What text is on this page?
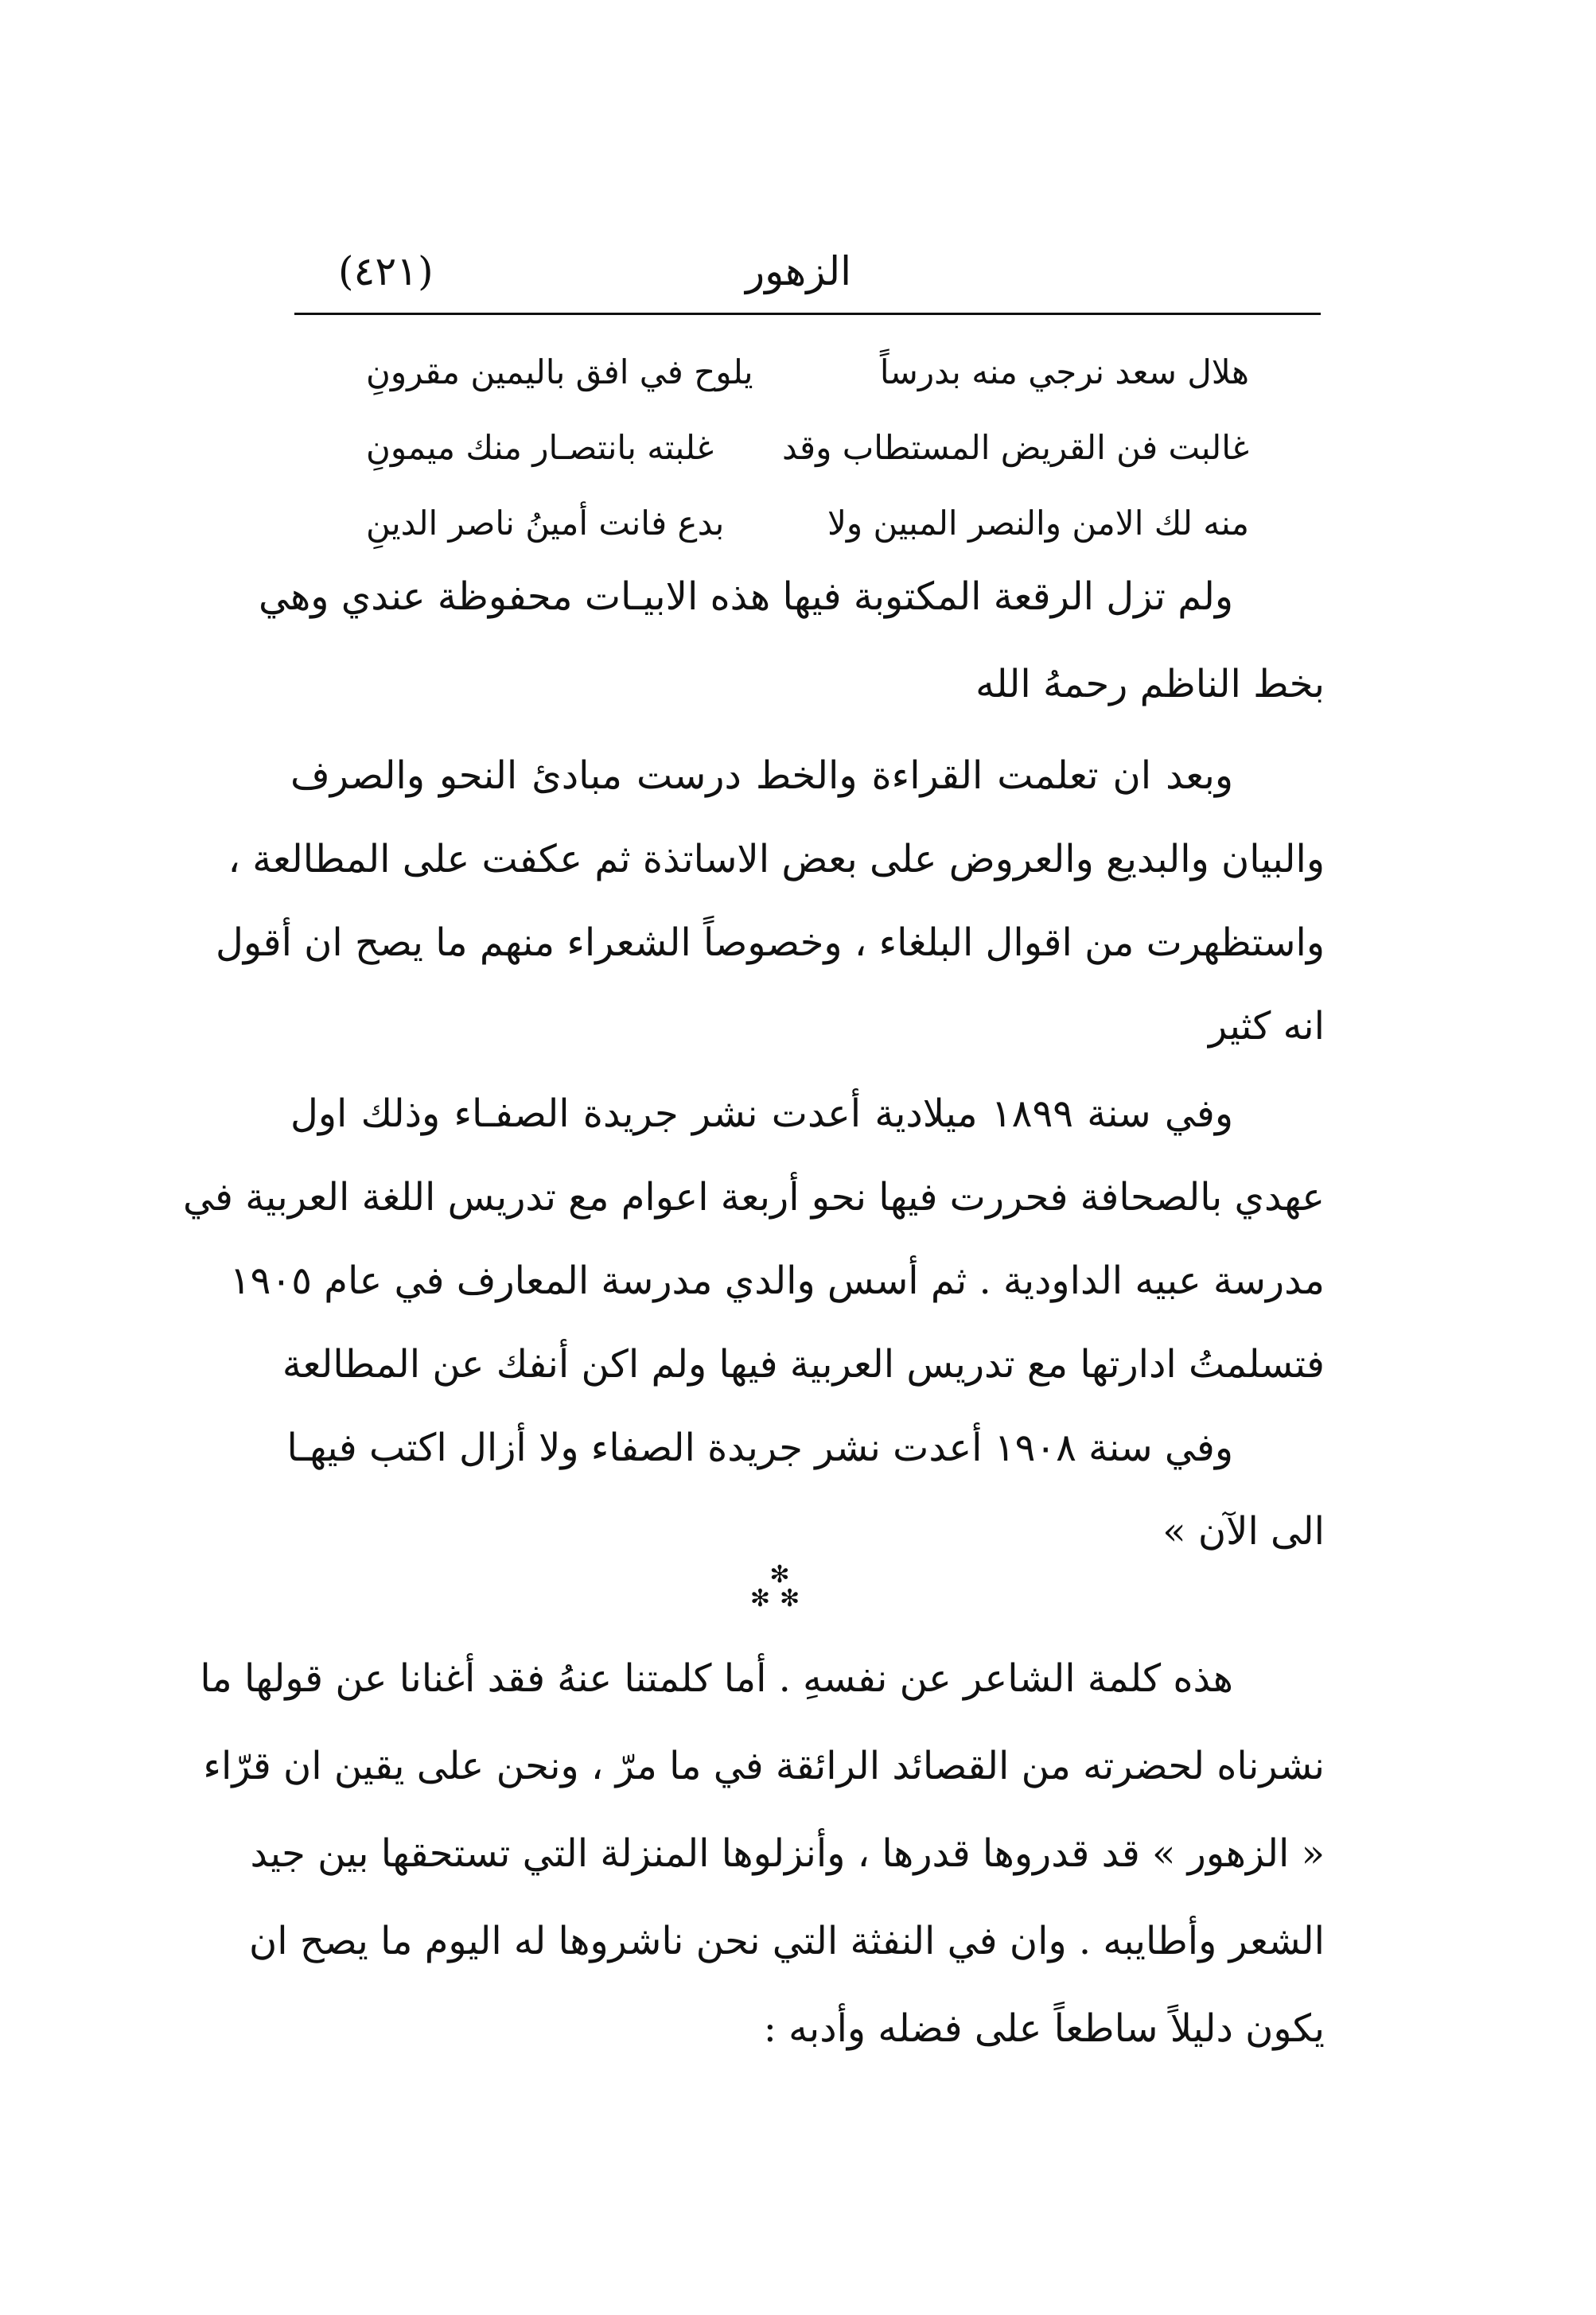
الزهور
(٤٢١)
هلال سعد نرجي منه بدرساً
يلوح في افق باليمين مقرونِ
غالبت فن القريض المستطاب وقد
غلبته بانتصـار منك ميمونِ
منه لك الامن والنصر المبين ولا
بدع فانت أمينُ ناصر الدينِ
ولم تزل الرقعة المكتوبة فيها هذه الابيـات محفوظة عندي وهي
بخط الناظم رحمهُ الله
وبعد ان تعلمت القراءة والخط درست مبادئ النحو والصرف
والبيان والبديع والعروض على بعض الاساتذة ثم عكفت على المطالعة ،
واستظهرت من اقوال البلغاء ، وخصوصاً الشعراء منهم ما يصح ان أقول
انه كثير
وفي سنة ١٨٩٩ ميلادية أعدت نشر جريدة الصفـاء وذلك اول
عهدي بالصحافة فحررت فيها نحو أربعة اعوام مع تدريس اللغة العربية في
مدرسة عبيه الداودية . ثم أسس والدي مدرسة المعارف في عام ١٩٠٥
فتسلمتُ ادارتها مع تدريس العربية فيها ولم اكن أنفك عن المطالعة
وفي سنة ١٩٠٨ أعدت نشر جريدة الصفاء ولا أزال اكتب فيهـا
الى الآن »
✻
✻✻
هذه كلمة الشاعر عن نفسهِ . أما كلمتنا عنهُ فقد أغنانا عن قولها ما
نشرناه لحضرته من القصائد الرائقة في ما مرّ ، ونحن على يقين ان قرّاء
« الزهور » قد قدروها قدرها ، وأنزلوها المنزلة التي تستحقها بين جيد
الشعر وأطايبه . وان في النفثة التي نحن ناشروها له اليوم ما يصح ان
يكون دليلاً ساطعاً على فضله وأدبه :
